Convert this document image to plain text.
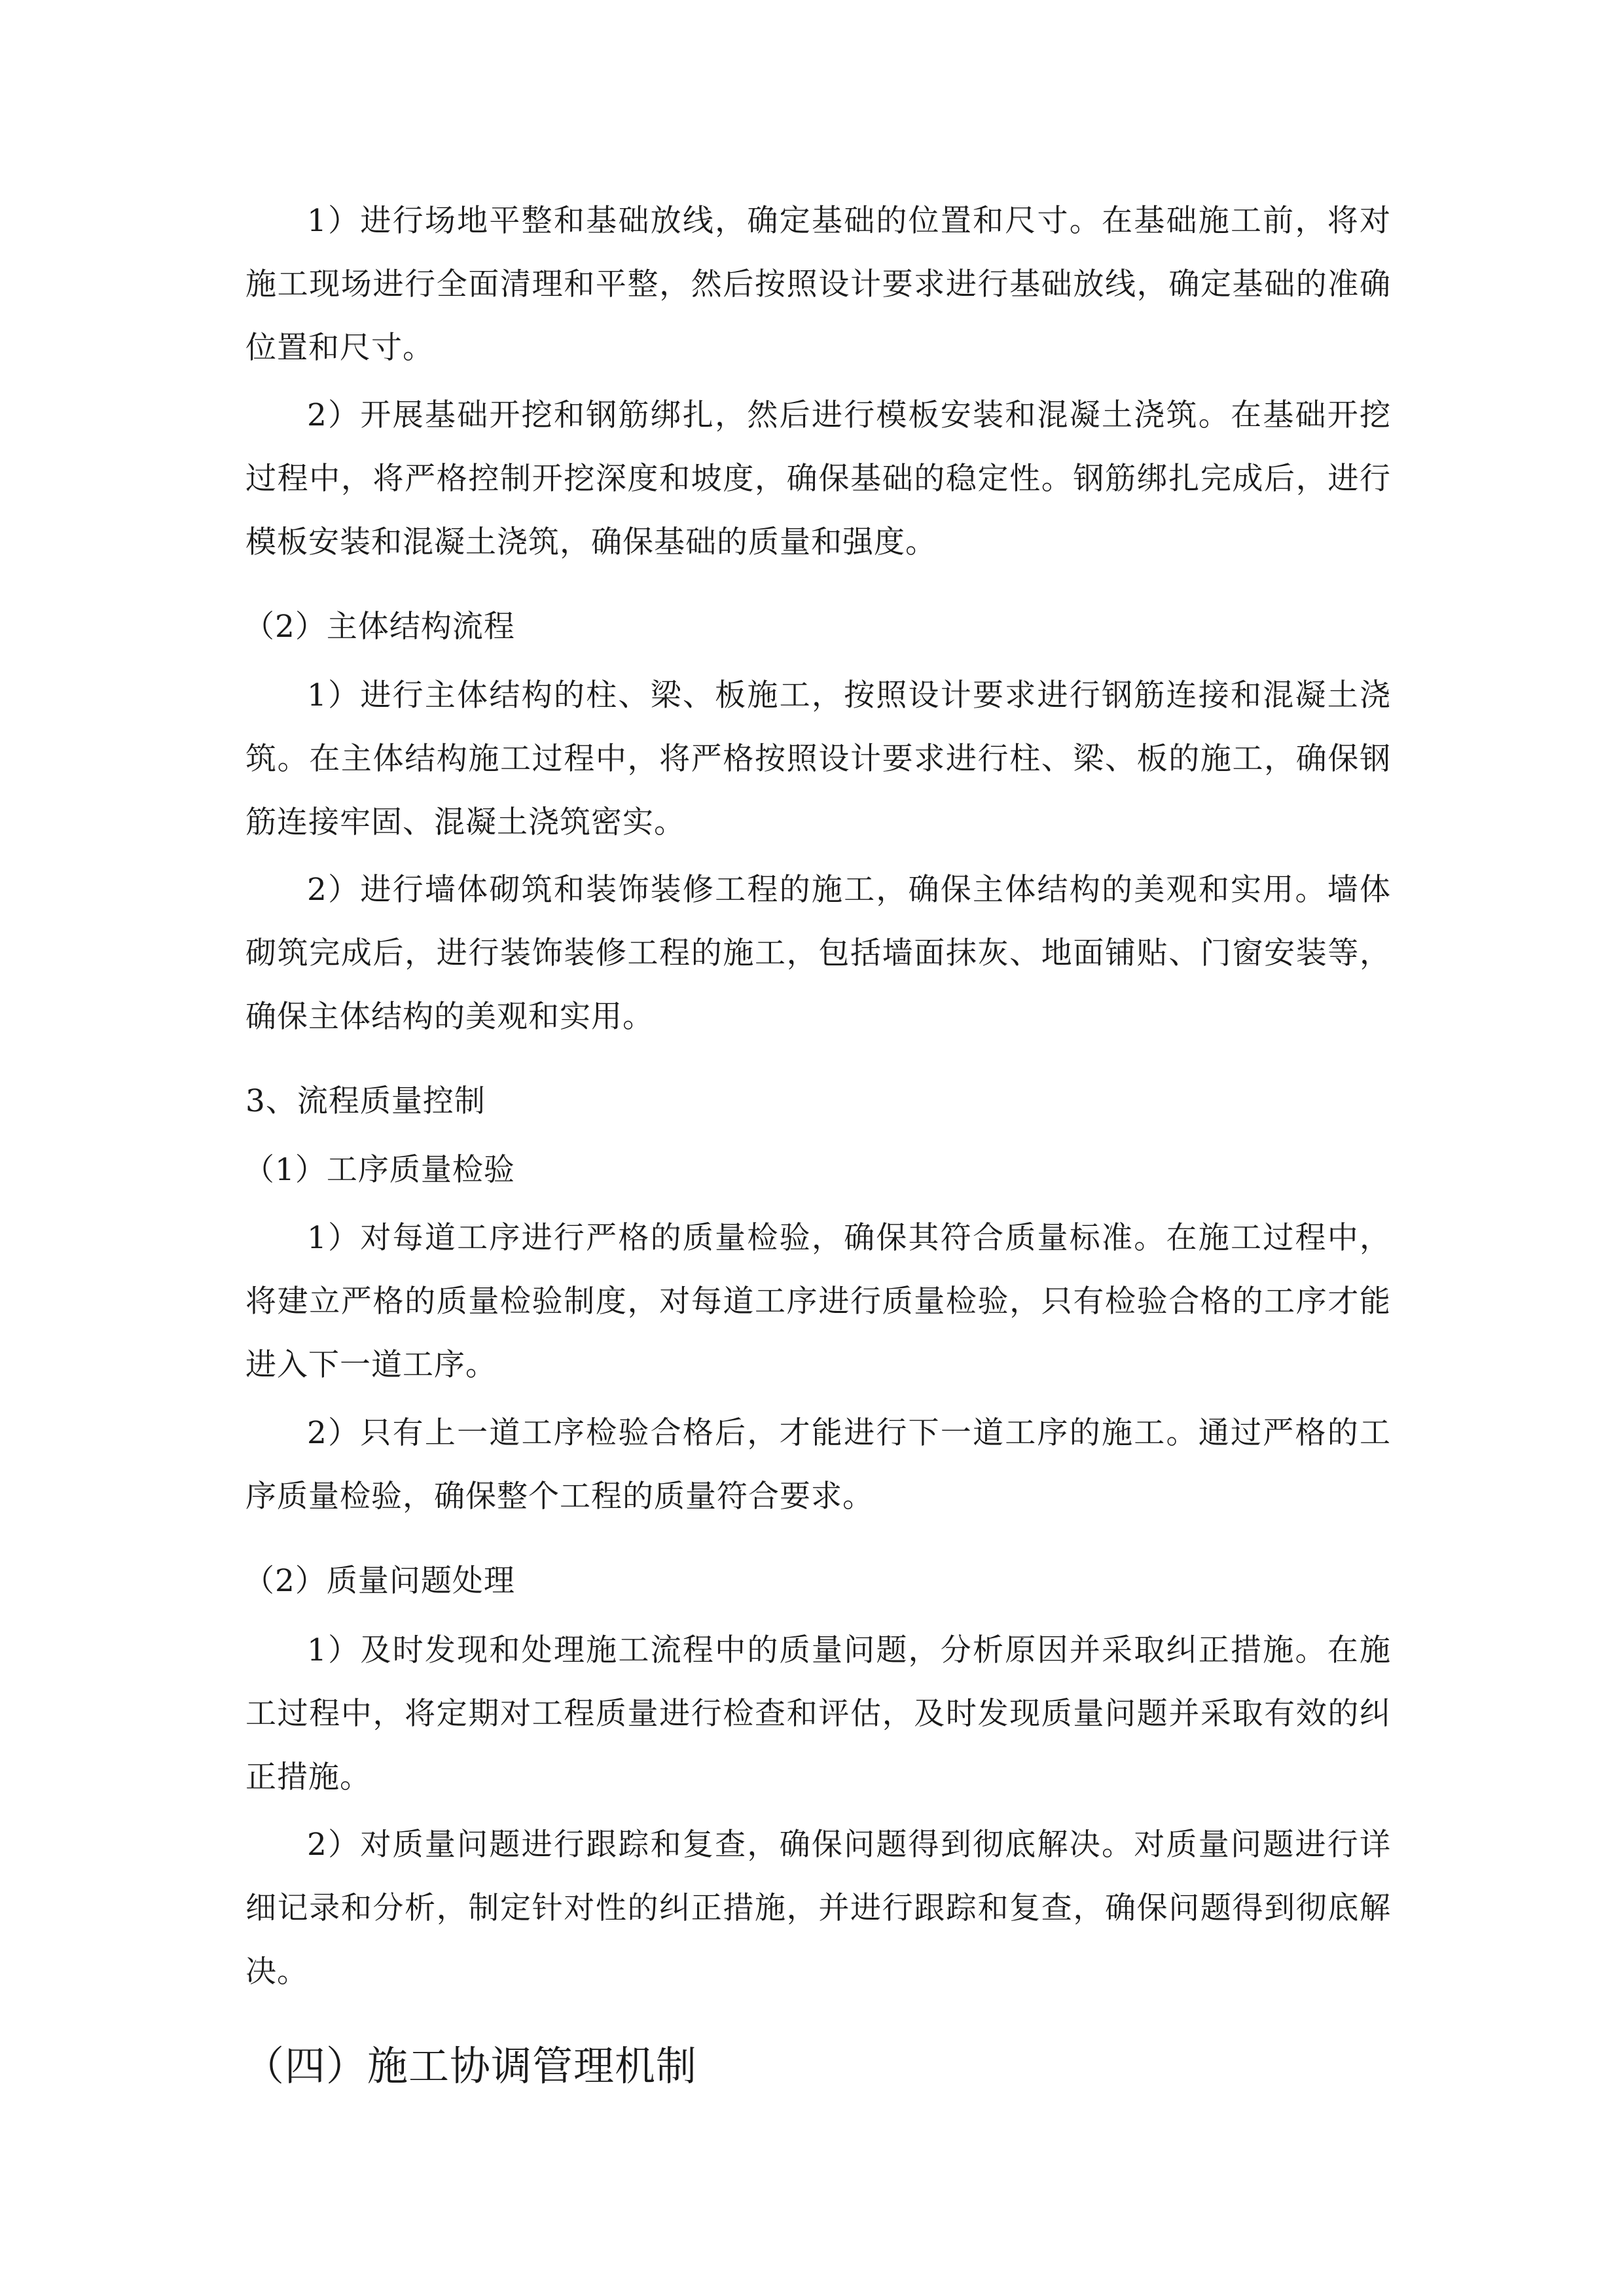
1）进行场地平整和基础放线，确定基础的位置和尺寸。在基础施工前，将对施工现场进行全面清理和平整，然后按照设计要求进行基础放线，确定基础的准确位置和尺寸。

2）开展基础开挖和钢筋绑扎，然后进行模板安装和混凝土浇筑。在基础开挖过程中，将严格控制开挖深度和坡度，确保基础的稳定性。钢筋绑扎完成后，进行模板安装和混凝土浇筑，确保基础的质量和强度。

（2）主体结构流程

1）进行主体结构的柱、梁、板施工，按照设计要求进行钢筋连接和混凝土浇筑。在主体结构施工过程中，将严格按照设计要求进行柱、梁、板的施工，确保钢筋连接牢固、混凝土浇筑密实。

2）进行墙体砌筑和装饰装修工程的施工，确保主体结构的美观和实用。墙体砌筑完成后，进行装饰装修工程的施工，包括墙面抹灰、地面铺贴、门窗安装等，确保主体结构的美观和实用。

3、流程质量控制

（1）工序质量检验

1）对每道工序进行严格的质量检验，确保其符合质量标准。在施工过程中，将建立严格的质量检验制度，对每道工序进行质量检验，只有检验合格的工序才能进入下一道工序。

2）只有上一道工序检验合格后，才能进行下一道工序的施工。通过严格的工序质量检验，确保整个工程的质量符合要求。

（2）质量问题处理

1）及时发现和处理施工流程中的质量问题，分析原因并采取纠正措施。在施工过程中，将定期对工程质量进行检查和评估，及时发现质量问题并采取有效的纠正措施。

2）对质量问题进行跟踪和复查，确保问题得到彻底解决。对质量问题进行详细记录和分析，制定针对性的纠正措施，并进行跟踪和复查，确保问题得到彻底解决。

（四）施工协调管理机制
